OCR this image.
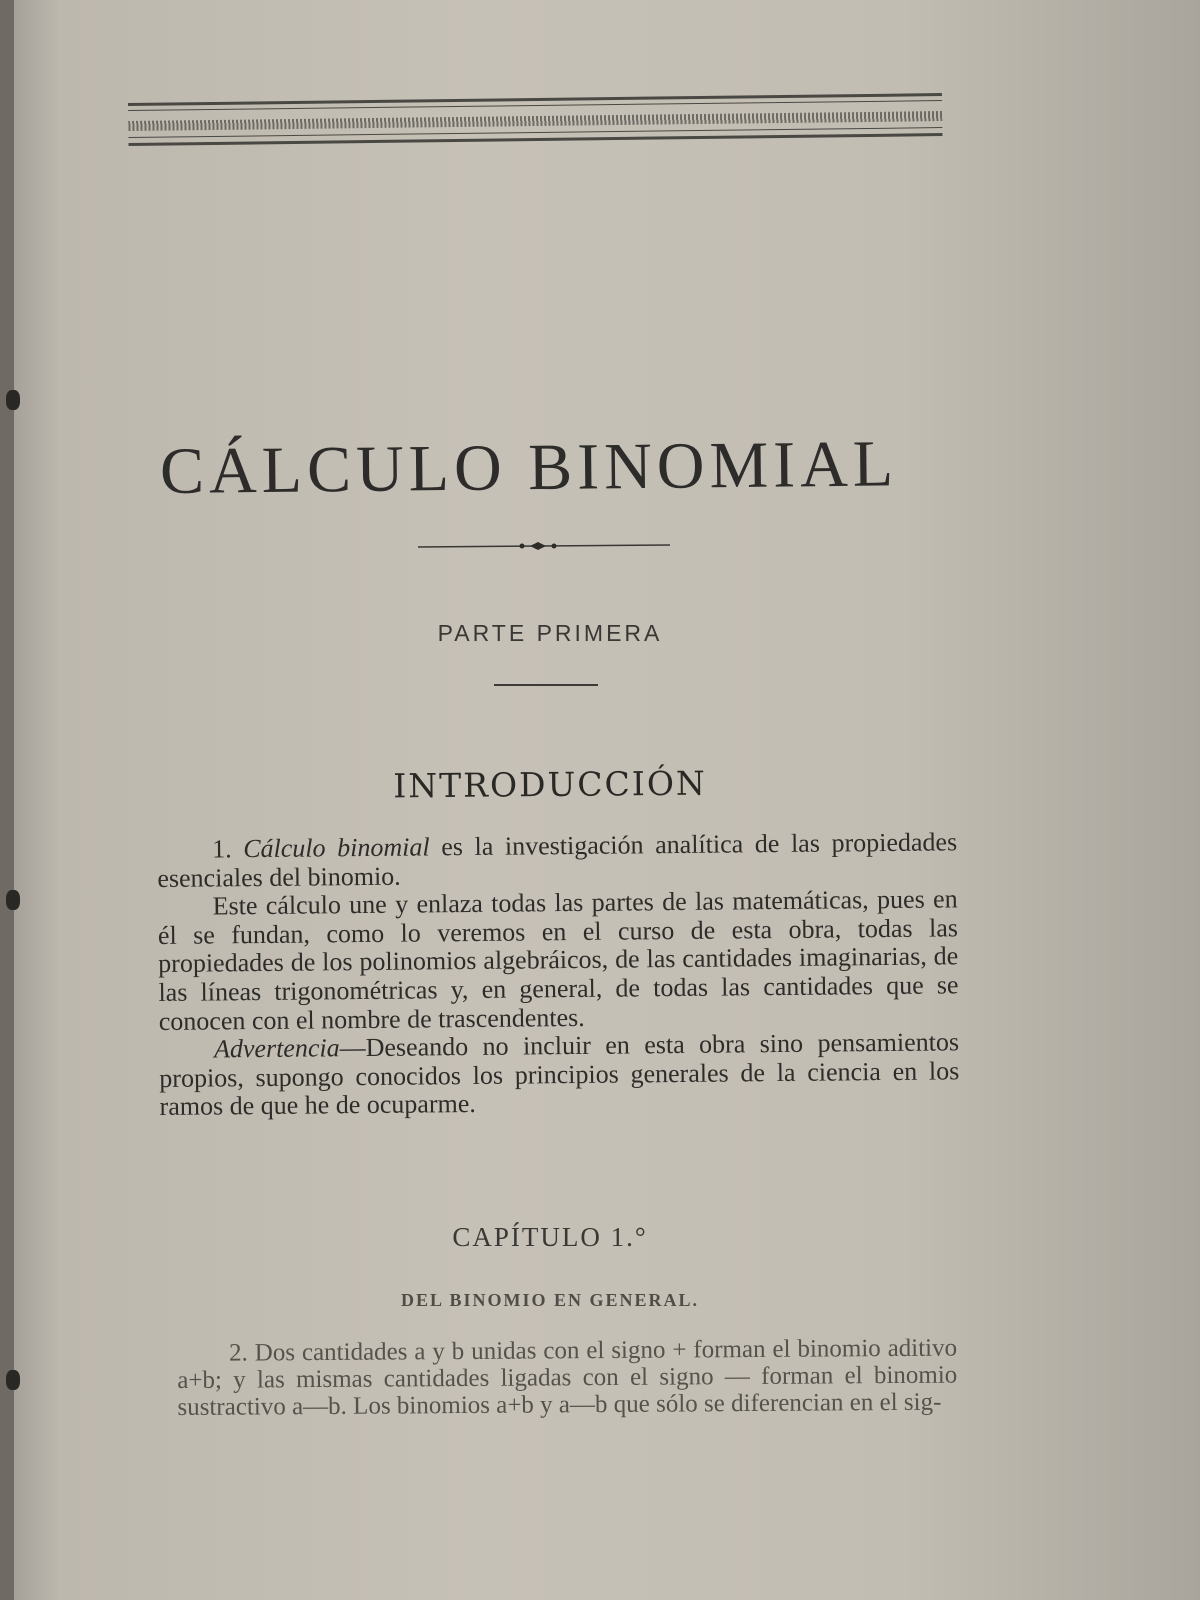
CÁLCULO BINOMIAL
PARTE PRIMERA
INTRODUCCIÓN

1. Cálculo binomial es la investigación analítica de las propiedades esenciales del binomio.

Este cálculo une y enlaza todas las partes de las matemáticas, pues en él se fundan, como lo veremos en el curso de esta obra, todas las propiedades de los polinomios algebráicos, de las cantidades imaginarias, de las líneas trigonométricas y, en general, de todas las cantidades que se conocen con el nombre de trascendentes.

Advertencia—Deseando no incluir en esta obra sino pensamientos propios, supongo conocidos los principios generales de la ciencia en los ramos de que he de ocuparme.

CAPÍTULO 1.°
DEL BINOMIO EN GENERAL.

2. Dos cantidades a y b unidas con el signo + forman el binomio aditivo a+b; y las mismas cantidades ligadas con el signo — forman el binomio sustractivo a—b. Los binomios a+b y a—b que sólo se diferencian en el sig-
